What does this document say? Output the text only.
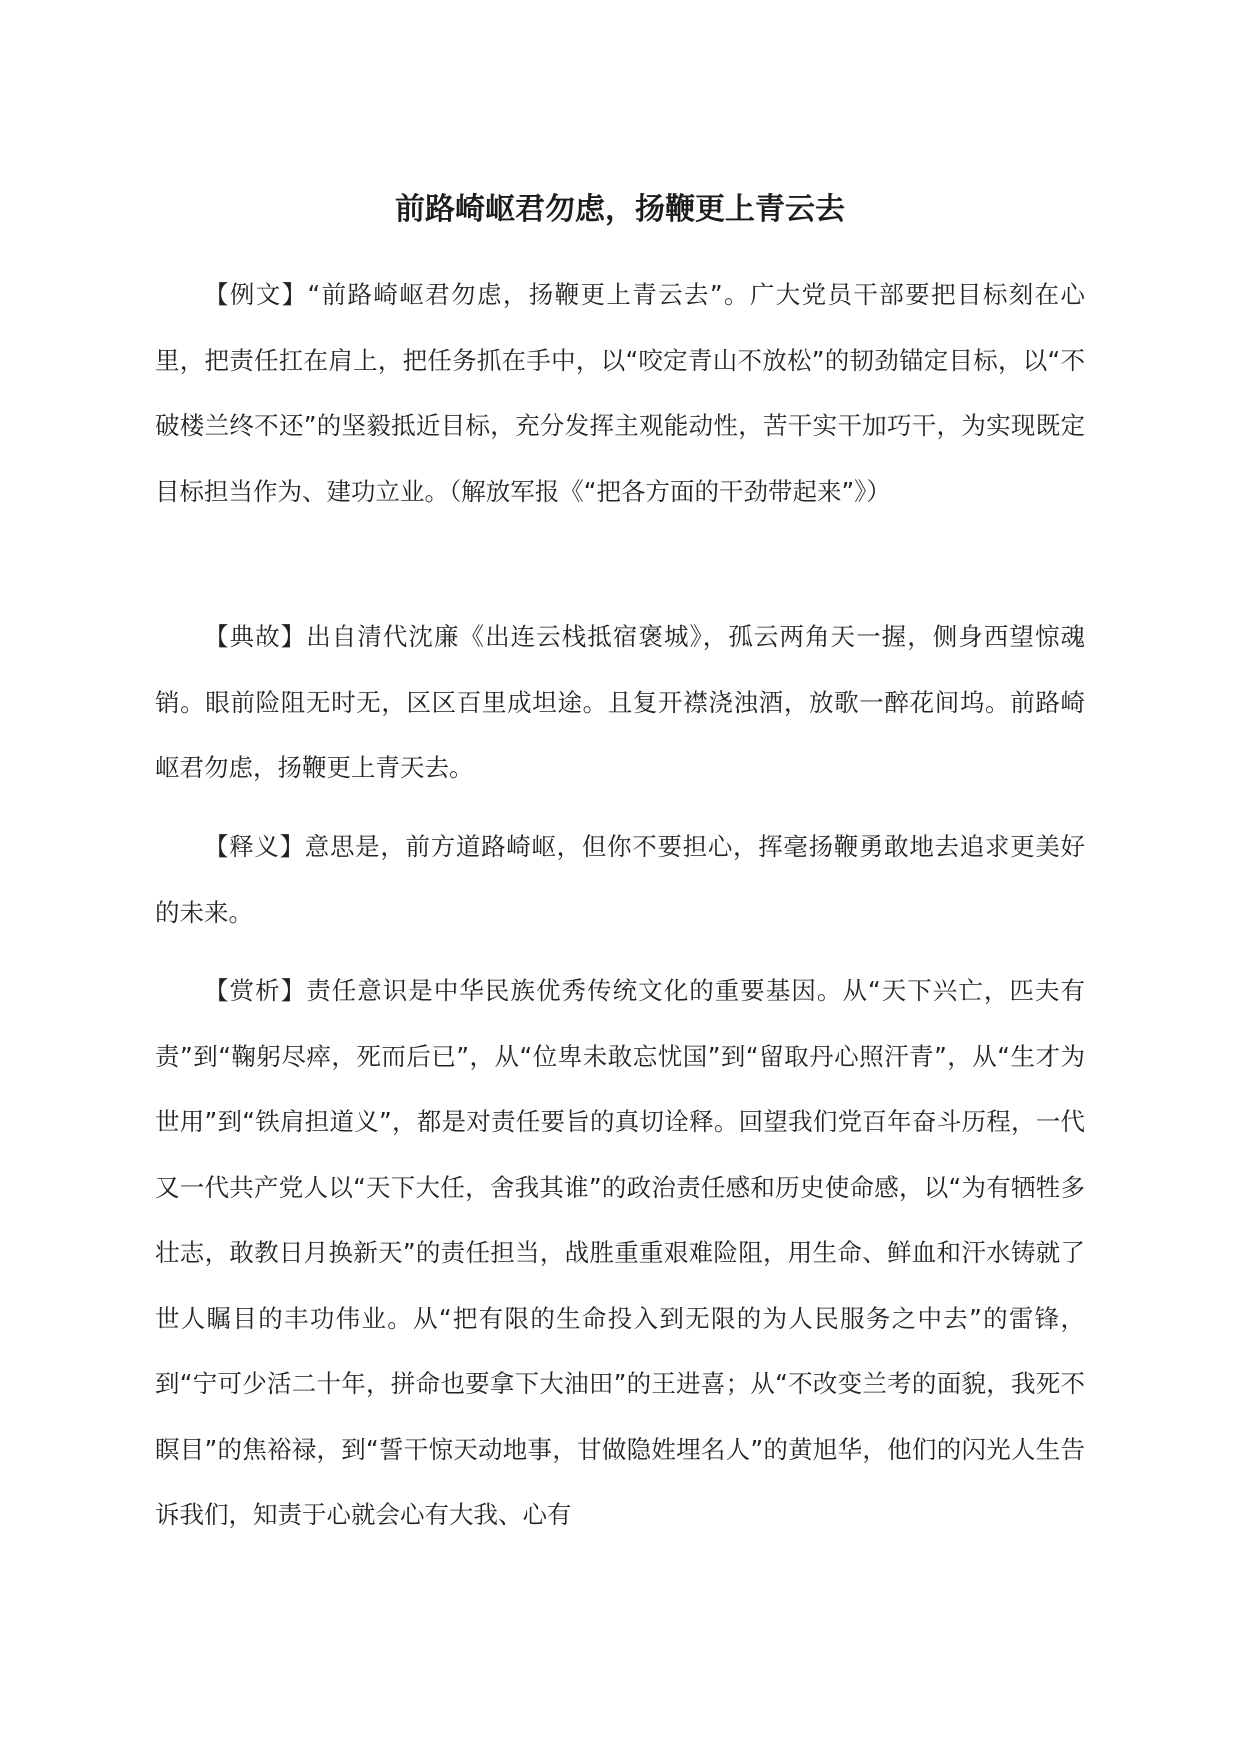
前路崎岖君勿虑，扬鞭更上青云去

【例文】“前路崎岖君勿虑，扬鞭更上青云去”。广大党员干部要把目标刻在心里，把责任扛在肩上，把任务抓在手中，以“咬定青山不放松”的韧劲锚定目标，以“不破楼兰终不还”的坚毅抵近目标，充分发挥主观能动性，苦干实干加巧干，为实现既定目标担当作为、建功立业。（解放军报《“把各方面的干劲带起来”》）

【典故】出自清代沈廉《出连云栈抵宿褒城》，孤云两角天一握，侧身西望惊魂销。眼前险阻无时无，区区百里成坦途。且复开襟浇浊酒，放歌一醉花间坞。前路崎岖君勿虑，扬鞭更上青天去。

【释义】意思是，前方道路崎岖，但你不要担心，挥毫扬鞭勇敢地去追求更美好的未来。

【赏析】责任意识是中华民族优秀传统文化的重要基因。从“天下兴亡，匹夫有责”到“鞠躬尽瘁，死而后已”，从“位卑未敢忘忧国”到“留取丹心照汗青”，从“生才为世用”到“铁肩担道义”，都是对责任要旨的真切诠释。回望我们党百年奋斗历程，一代又一代共产党人以“天下大任，舍我其谁”的政治责任感和历史使命感，以“为有牺牲多壮志，敢教日月换新天”的责任担当，战胜重重艰难险阻，用生命、鲜血和汗水铸就了世人瞩目的丰功伟业。从“把有限的生命投入到无限的为人民服务之中去”的雷锋，到“宁可少活二十年，拼命也要拿下大油田”的王进喜；从“不改变兰考的面貌，我死不瞑目”的焦裕禄，到“誓干惊天动地事，甘做隐姓埋名人”的黄旭华，他们的闪光人生告诉我们，知责于心就会心有大我、心有
